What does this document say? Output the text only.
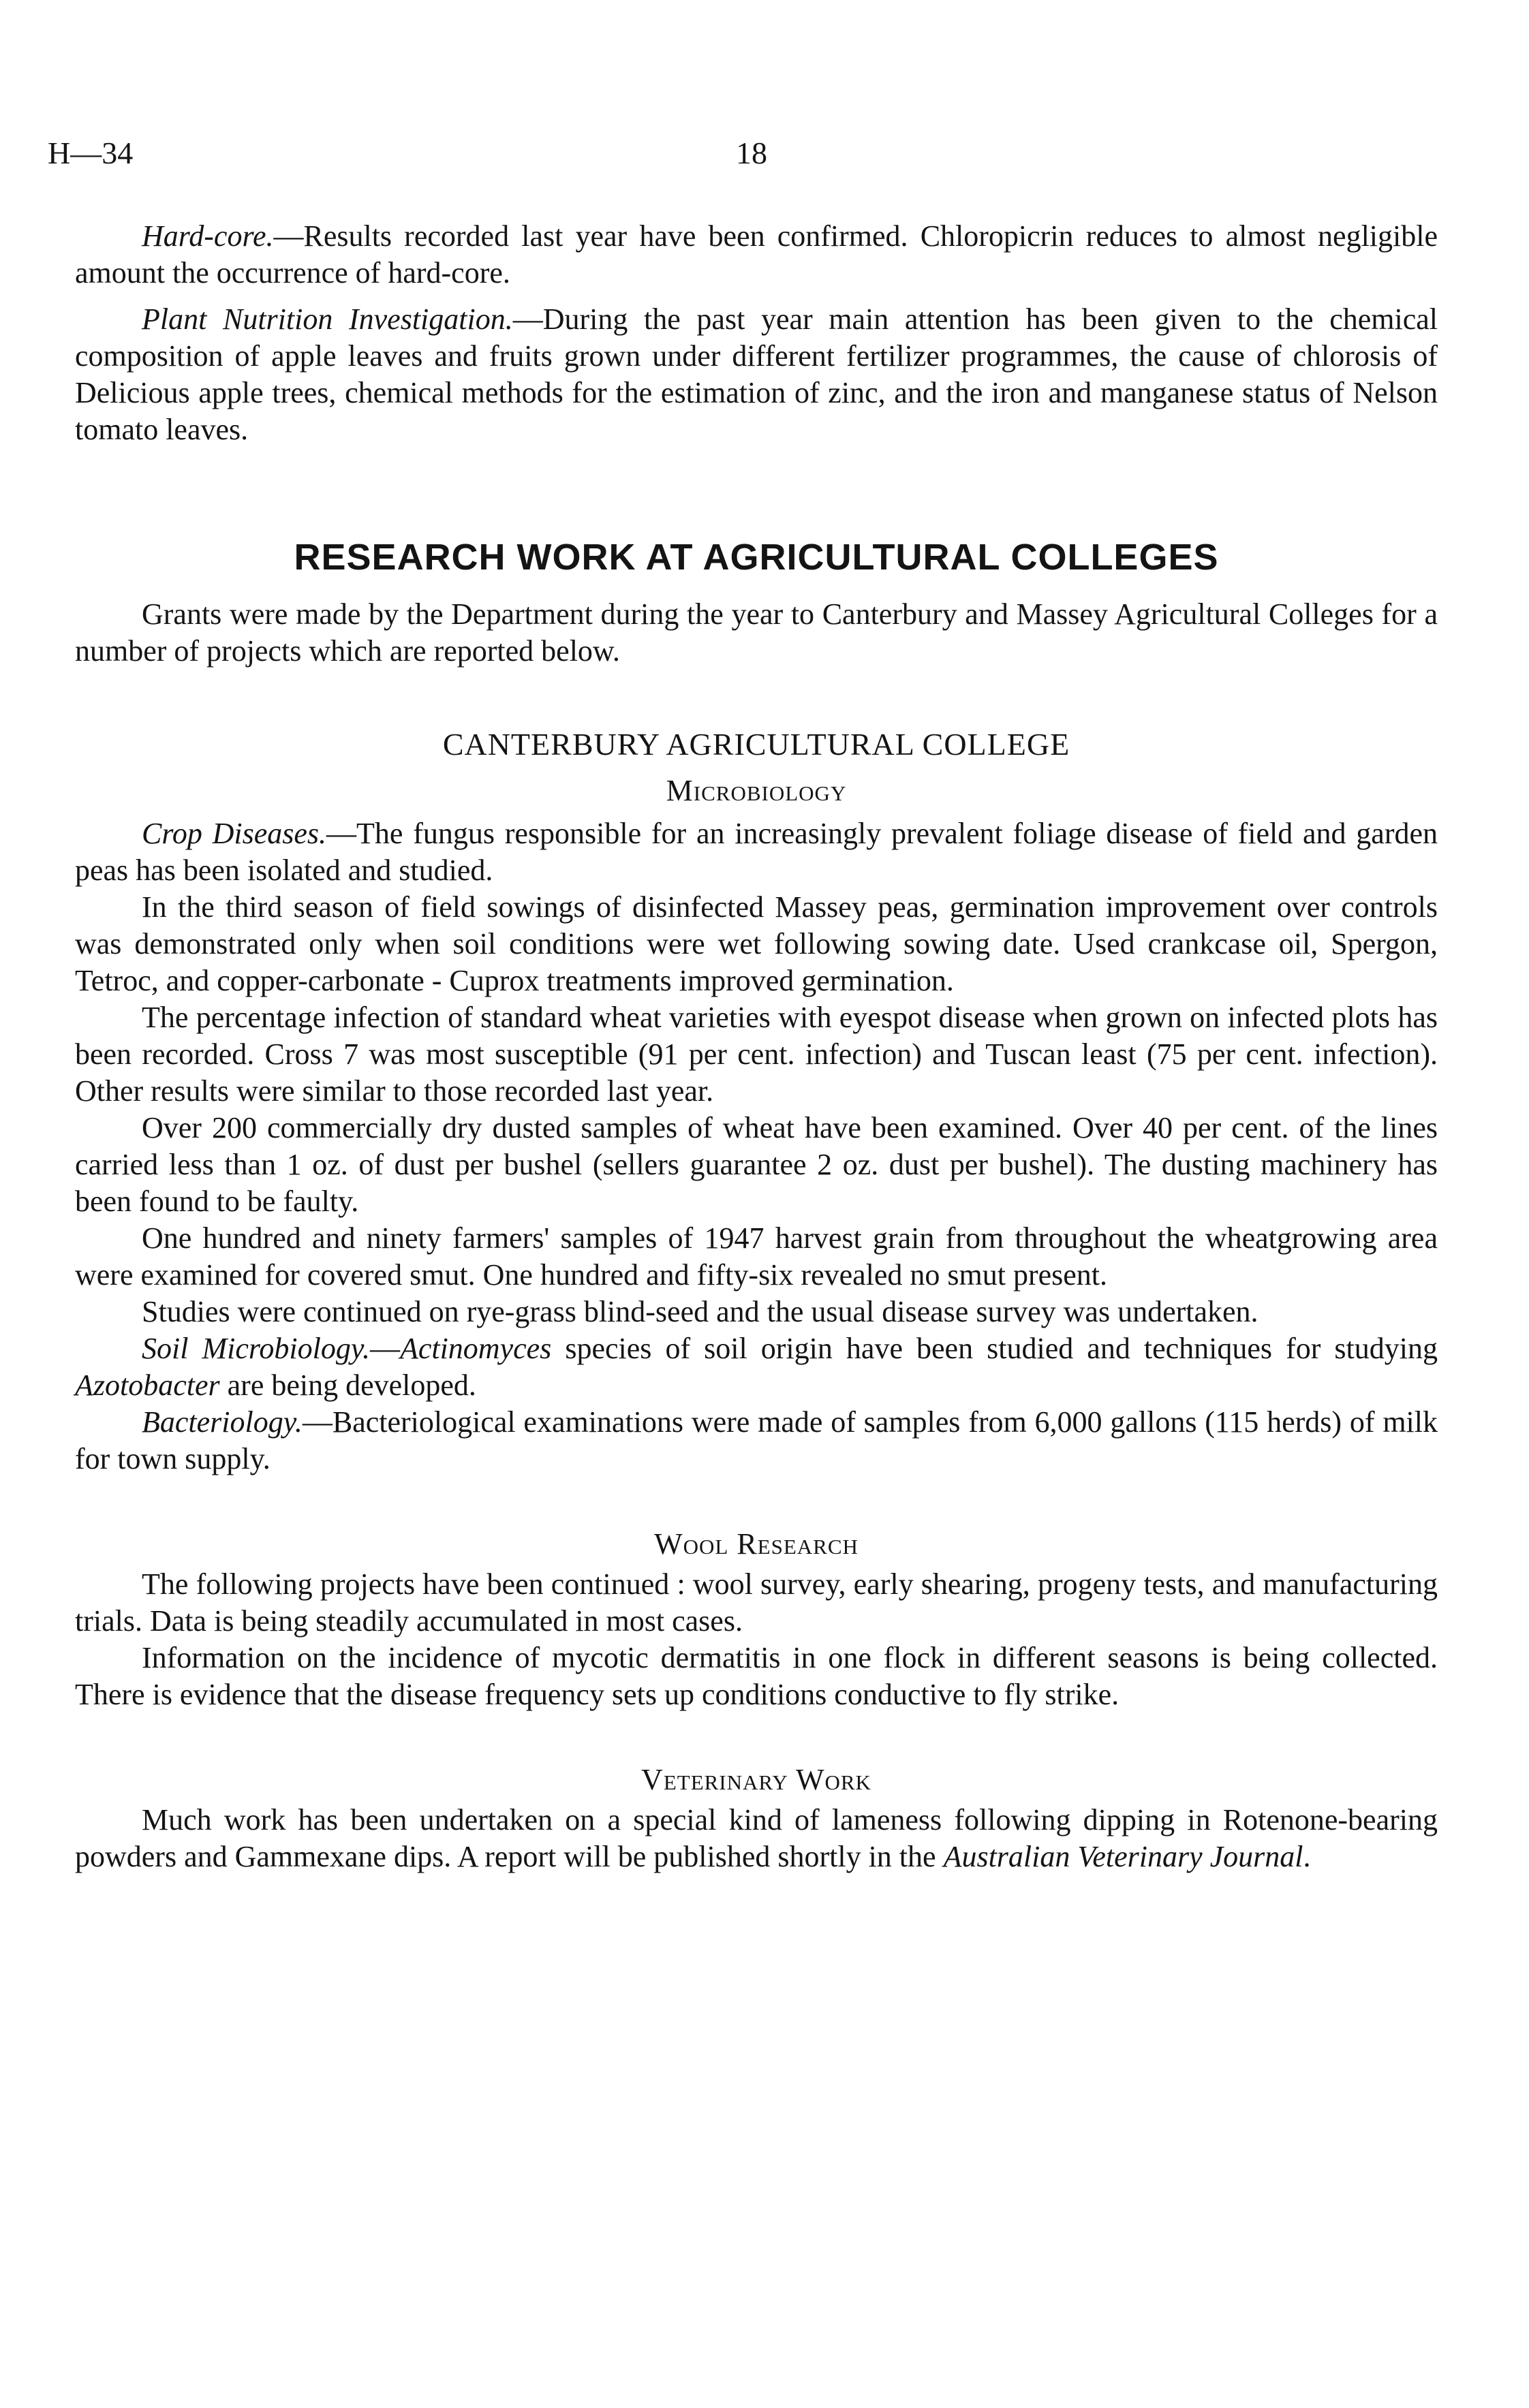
H—34	18

Hard-core.—Results recorded last year have been confirmed. Chloropicrin reduces to almost negligible amount the occurrence of hard-core.

Plant Nutrition Investigation.—During the past year main attention has been given to the chemical composition of apple leaves and fruits grown under different fertilizer programmes, the cause of chlorosis of Delicious apple trees, chemical methods for the estimation of zinc, and the iron and manganese status of Nelson tomato leaves.

RESEARCH WORK AT AGRICULTURAL COLLEGES

Grants were made by the Department during the year to Canterbury and Massey Agricultural Colleges for a number of projects which are reported below.

CANTERBURY AGRICULTURAL COLLEGE
Microbiology

Crop Diseases.—The fungus responsible for an increasingly prevalent foliage disease of field and garden peas has been isolated and studied.

In the third season of field sowings of disinfected Massey peas, germination improvement over controls was demonstrated only when soil conditions were wet following sowing date. Used crankcase oil, Spergon, Tetroc, and copper-carbonate - Cuprox treatments improved germination.

The percentage infection of standard wheat varieties with eyespot disease when grown on infected plots has been recorded. Cross 7 was most susceptible (91 per cent. infection) and Tuscan least (75 per cent. infection). Other results were similar to those recorded last year.

Over 200 commercially dry dusted samples of wheat have been examined. Over 40 per cent. of the lines carried less than 1 oz. of dust per bushel (sellers guarantee 2 oz. dust per bushel). The dusting machinery has been found to be faulty.

One hundred and ninety farmers' samples of 1947 harvest grain from throughout the wheatgrowing area were examined for covered smut. One hundred and fifty-six revealed no smut present.

Studies were continued on rye-grass blind-seed and the usual disease survey was undertaken.

Soil Microbiology.—Actinomyces species of soil origin have been studied and techniques for studying Azotobacter are being developed.

Bacteriology.—Bacteriological examinations were made of samples from 6,000 gallons (115 herds) of milk for town supply.

Wool Research

The following projects have been continued : wool survey, early shearing, progeny tests, and manufacturing trials. Data is being steadily accumulated in most cases.

Information on the incidence of mycotic dermatitis in one flock in different seasons is being collected. There is evidence that the disease frequency sets up conditions conductive to fly strike.

Veterinary Work

Much work has been undertaken on a special kind of lameness following dipping in Rotenone-bearing powders and Gammexane dips. A report will be published shortly in the Australian Veterinary Journal.
